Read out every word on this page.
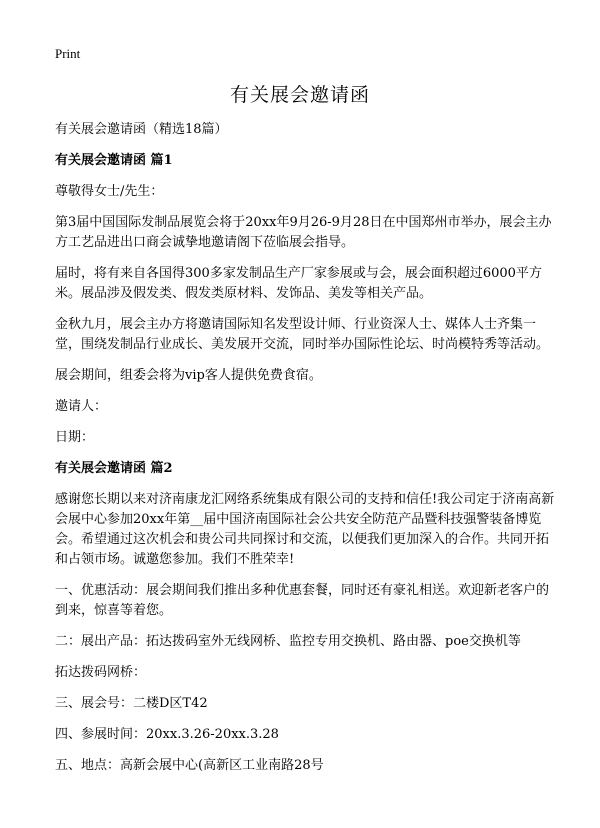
Print
有关展会邀请函

有关展会邀请函（精选18篇）

有关展会邀请函 篇1

尊敬得女士/先生：

第3届中国国际发制品展览会将于20xx年9月26-9月28日在中国郑州市举办，展会主办方工艺品进出口商会诚挚地邀请阁下莅临展会指导。

届时，将有来自各国得300多家发制品生产厂家参展或与会，展会面积超过6000平方米。展品涉及假发类、假发类原材料、发饰品、美发等相关产品。

金秋九月，展会主办方将邀请国际知名发型设计师、行业资深人士、媒体人士齐集一堂，围绕发制品行业成长、美发展开交流，同时举办国际性论坛、时尚模特秀等活动。

展会期间，组委会将为vip客人提供免费食宿。

邀请人：

日期：

有关展会邀请函 篇2

感谢您长期以来对济南康龙汇网络系统集成有限公司的支持和信任!我公司定于济南高新会展中心参加20xx年第__届中国济南国际社会公共安全防范产品暨科技强警装备博览会。希望通过这次机会和贵公司共同探讨和交流，以便我们更加深入的合作。共同开拓和占领市场。诚邀您参加。我们不胜荣幸!

一、优惠活动：展会期间我们推出多种优惠套餐，同时还有豪礼相送。欢迎新老客户的到来，惊喜等着您。

二：展出产品：拓达拨码室外无线网桥、监控专用交换机、路由器、poe交换机等

拓达拨码网桥：

三、展会号：二楼D区T42

四、参展时间：20xx.3.26-20xx.3.28

五、地点：高新会展中心(高新区工业南路28号
